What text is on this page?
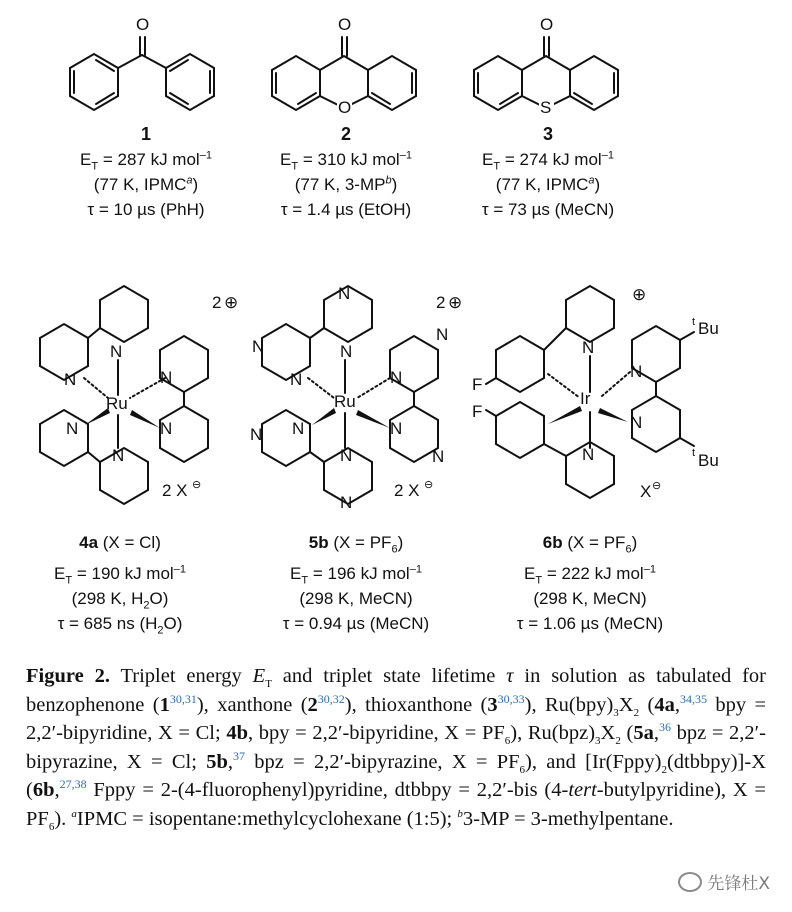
O	O
O
O
S
Ru
N
N	N
N
N
N
2 ⊕
2 X ⊖
Ru
N
N
N
N	N
N
N
N
N N
N
N
2 ⊕
2 X ⊖
Ir
N
N
N
N
F
F
t Bu
t Bu
⊕
X ⊖
1
$E_T = 287$ kJ mol$^{-1}$
(77 K, IPMC$^a$)
τ = 10 µs (PhH)
2
$E_T = 310$ kJ mol$^{-1}$
(77 K, $3-MP^b$)
τ = 1.4 µs (EtOH)
3
$E_T = 274$ kJ mol$^{-1}$
(77 K, IPMC$^a$)
τ = 73 µs (MeCN)
4a (X = Cl)
$E_T = 190$ kJ mol$^{-1}$
(298 K, $H_2O$)
τ = 685 ns $(H_2O)$
5b $(X = PF_6)$
$E_T = 196$ kJ mol$^{-1}$
(298 K, MeCN)
τ = 0.94 µs (MeCN)
6b $(X = PF_6)$
$E_T = 222$ kJ mol$^{-1}$
(298 K, MeCN)
τ = 1.06 µs (MeCN)
Figure 2. Triplet energy $E_T$ and triplet state lifetime τ in solution as tabulated for benzophenone (1$^{30,31}$), xanthone (2$^{30,32}$), thioxanthone (3$^{30,33}$), $Ru(bpy)_3X_2$ (4a,$^{34,35}$ bpy = 2,2′-bipyridine, X = Cl; 4b, bpy = 2,2′-bipyridine, $X = PF_6$), $Ru(bpz)_3X_2$ (5a,$^{36}$ bpz = 2,2′-bipyrazine, X = Cl; 5b,$^{37}$ bpz = 2,2′-bipyrazine, $X = PF_6$), and $[Ir(Fppy)_2(dtbbpy)]-X$ (6b,$^{27,38}$ Fppy = 2-(4-fluorophenyl)pyridine, dtbbpy = 2,2′-bis (4-tert-butylpyridine), $X = PF_6$). $^a$IPMC = isopentane:methylcyclohexane (1:5); $^b$3-MP = 3-methylpentane.
先锋杜X
